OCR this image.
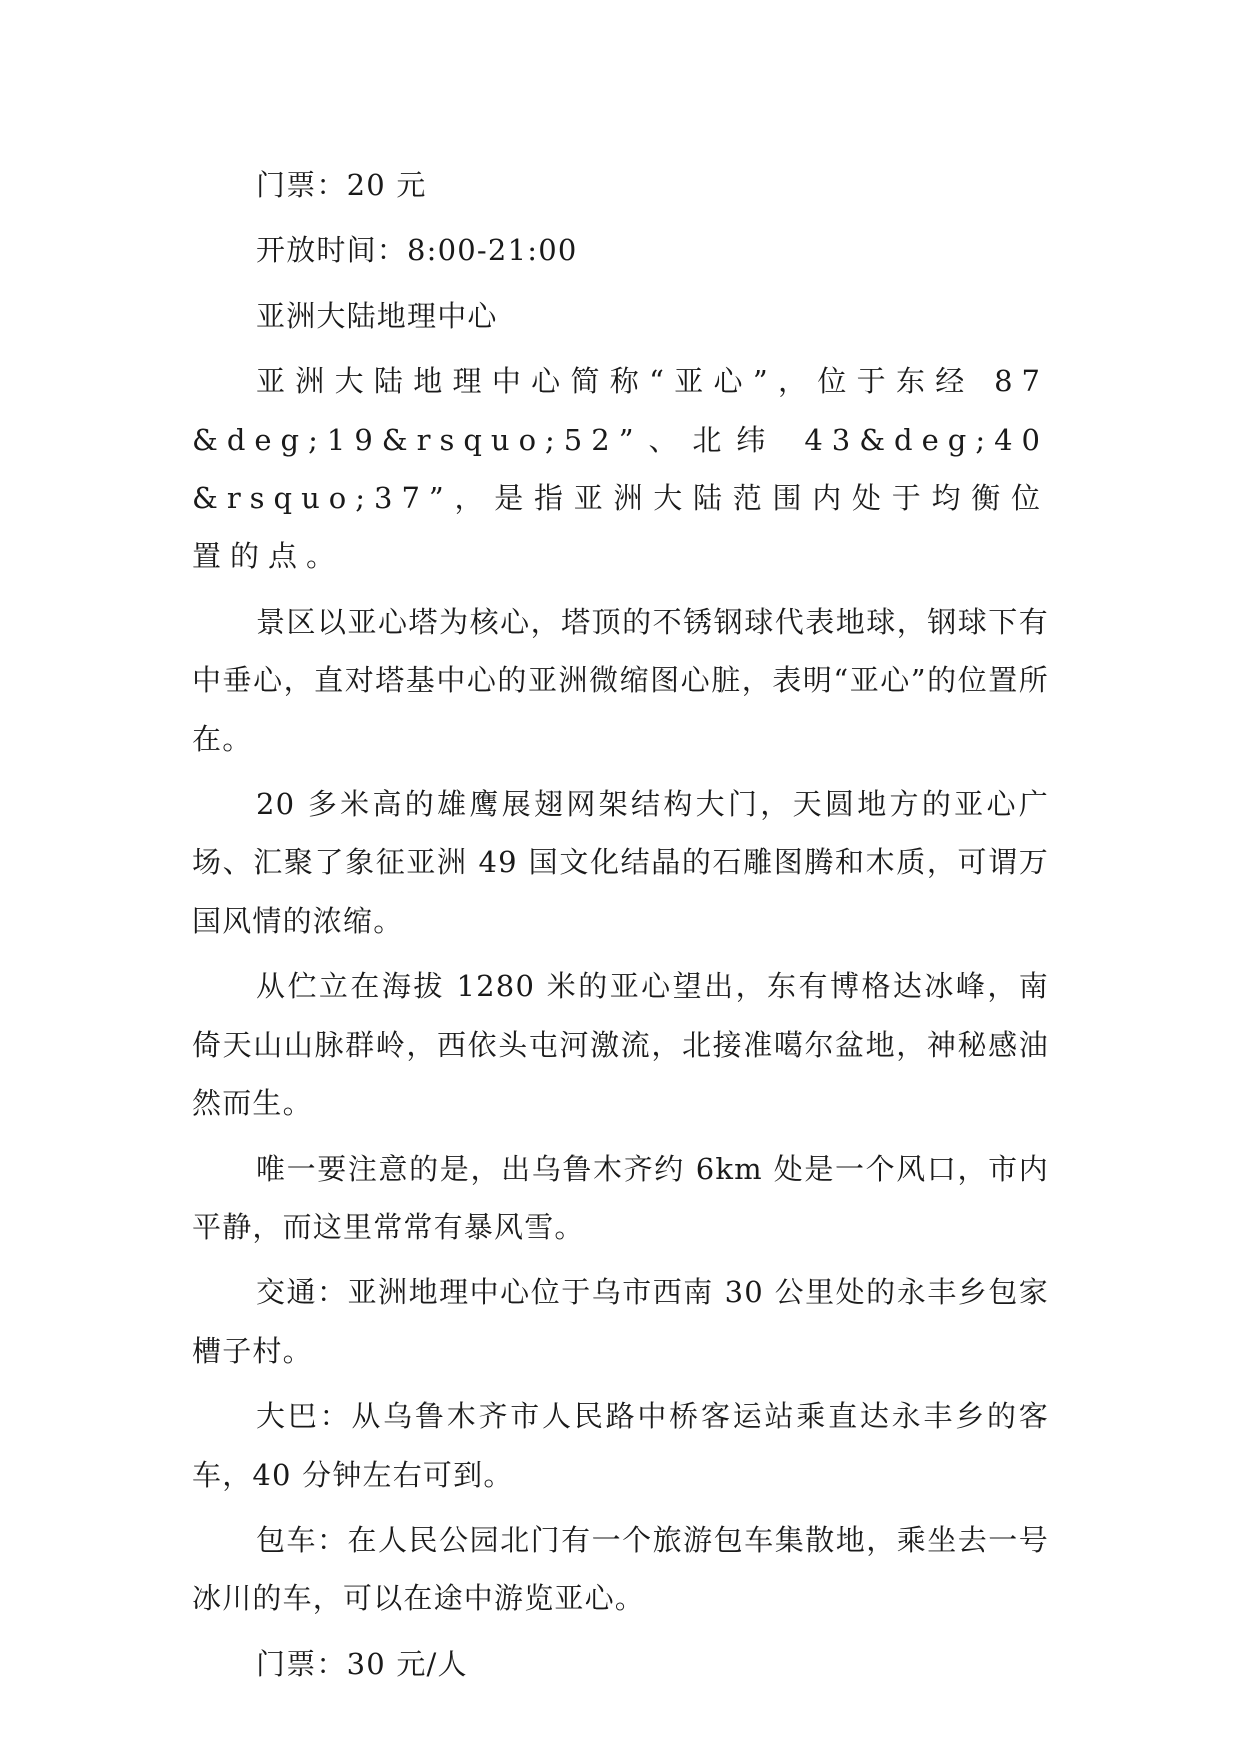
门票：20 元

开放时间：8:00-21:00

亚洲大陆地理中心

亚洲大陆地理中心简称“亚心”，位于东经 87&deg;19&rsquo;52”、北纬 43&deg;40&rsquo;37”，是指亚洲大陆范围内处于均衡位置的点。

景区以亚心塔为核心，塔顶的不锈钢球代表地球，钢球下有中垂心，直对塔基中心的亚洲微缩图心脏，表明“亚心”的位置所在。

20 多米高的雄鹰展翅网架结构大门，天圆地方的亚心广场、汇聚了象征亚洲 49 国文化结晶的石雕图腾和木质，可谓万国风情的浓缩。

从伫立在海拔 1280 米的亚心望出，东有博格达冰峰，南倚天山山脉群岭，西依头屯河激流，北接准噶尔盆地，神秘感油然而生。

唯一要注意的是，出乌鲁木齐约 6km 处是一个风口，市内平静，而这里常常有暴风雪。

交通：亚洲地理中心位于乌市西南 30 公里处的永丰乡包家槽子村。

大巴：从乌鲁木齐市人民路中桥客运站乘直达永丰乡的客车，40 分钟左右可到。

包车：在人民公园北门有一个旅游包车集散地，乘坐去一号冰川的车，可以在途中游览亚心。

门票：30 元/人
